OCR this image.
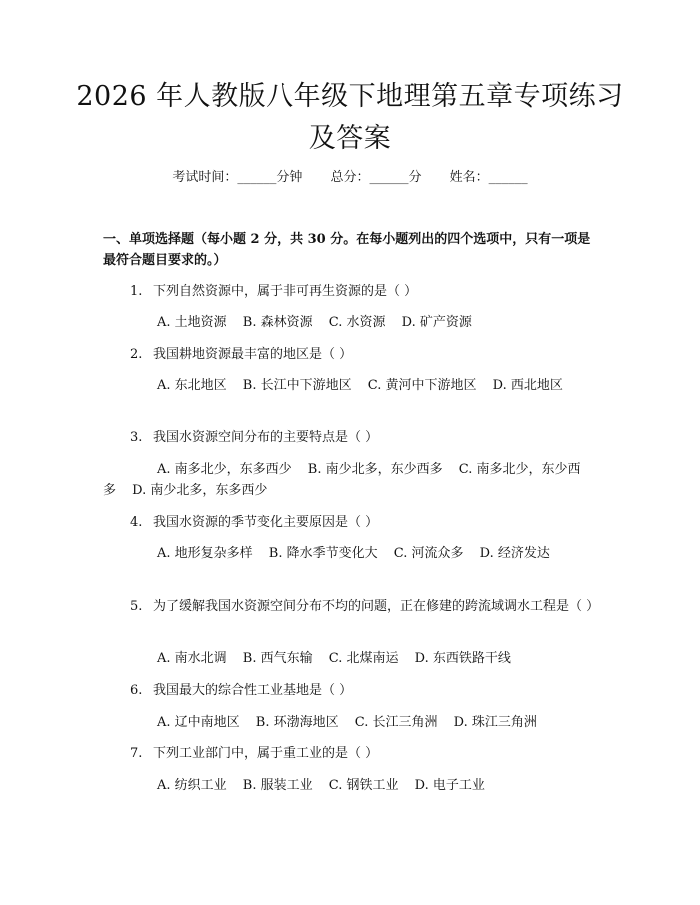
2026 年人教版八年级下地理第五章专项练习
及答案
考试时间：______分钟 总分：______分 姓名：______

一、单项选择题（每小题 2 分，共 30 分。在每小题列出的四个选项中，只有一项是最符合题目要求的。）

1. 下列自然资源中，属于非可再生资源的是（ ）

A. 土地资源 B. 森林资源 C. 水资源 D. 矿产资源

2. 我国耕地资源最丰富的地区是（ ）

A. 东北地区 B. 长江中下游地区 C. 黄河中下游地区 D. 西北地区

3. 我国水资源空间分布的主要特点是（ ）

A. 南多北少，东多西少 B. 南少北多，东少西多 C. 南多北少，东少西多 D. 南少北多，东多西少

4. 我国水资源的季节变化主要原因是（ ）

A. 地形复杂多样 B. 降水季节变化大 C. 河流众多 D. 经济发达

5. 为了缓解我国水资源空间分布不均的问题，正在修建的跨流域调水工程是（ ）

A. 南水北调 B. 西气东输 C. 北煤南运 D. 东西铁路干线

6. 我国最大的综合性工业基地是（ ）

A. 辽中南地区 B. 环渤海地区 C. 长江三角洲 D. 珠江三角洲

7. 下列工业部门中，属于重工业的是（ ）

A. 纺织工业 B. 服装工业 C. 钢铁工业 D. 电子工业
